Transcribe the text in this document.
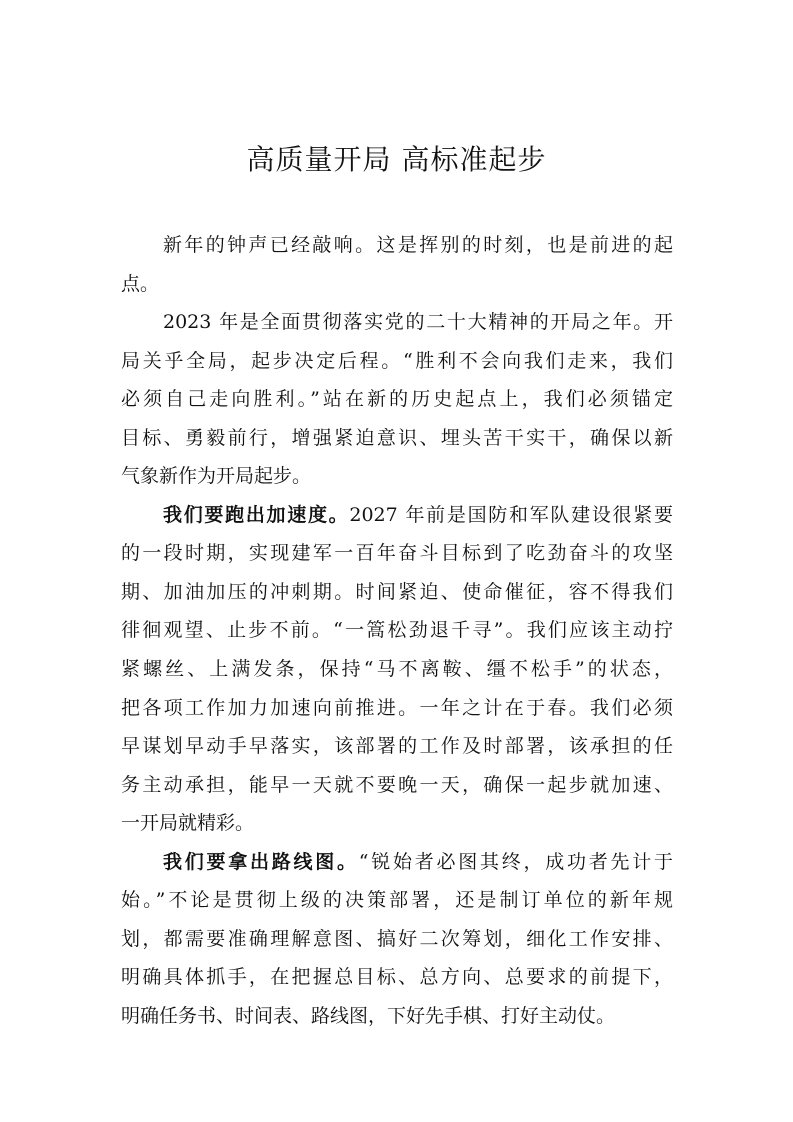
高质量开局 高标准起步
新年的钟声已经敲响。这是挥别的时刻，也是前进的起
点。
2023 年是全面贯彻落实党的二十大精神的开局之年。开
局关乎全局，起步决定后程。“胜利不会向我们走来，我们
必须自己走向胜利。”站在新的历史起点上，我们必须锚定
目标、勇毅前行，增强紧迫意识、埋头苦干实干，确保以新
气象新作为开局起步。
我们要跑出加速度。2027 年前是国防和军队建设很紧要
的一段时期，实现建军一百年奋斗目标到了吃劲奋斗的攻坚
期、加油加压的冲刺期。时间紧迫、使命催征，容不得我们
徘徊观望、止步不前。“一篙松劲退千寻”。我们应该主动拧
紧螺丝、上满发条，保持“马不离鞍、缰不松手”的状态，
把各项工作加力加速向前推进。一年之计在于春。我们必须
早谋划早动手早落实，该部署的工作及时部署，该承担的任
务主动承担，能早一天就不要晚一天，确保一起步就加速、
一开局就精彩。
我们要拿出路线图。“锐始者必图其终，成功者先计于
始。”不论是贯彻上级的决策部署，还是制订单位的新年规
划，都需要准确理解意图、搞好二次筹划，细化工作安排、
明确具体抓手，在把握总目标、总方向、总要求的前提下，
明确任务书、时间表、路线图，下好先手棋、打好主动仗。
